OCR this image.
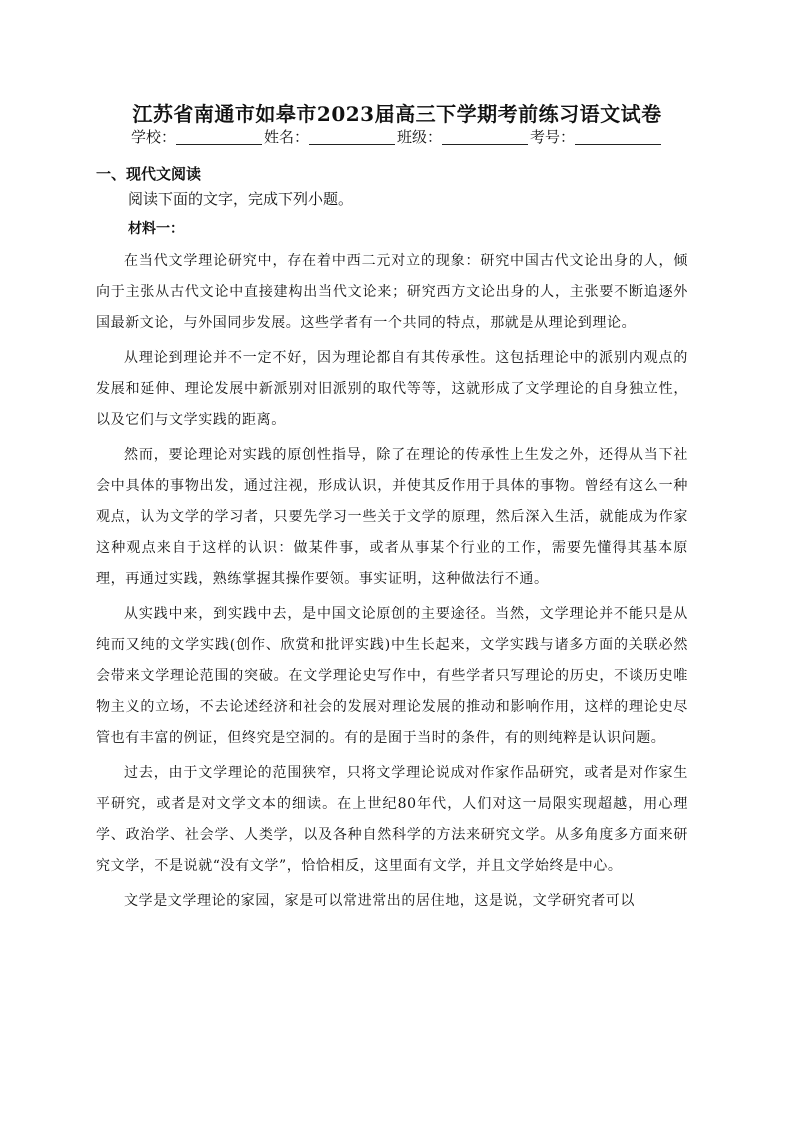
江苏省南通市如皋市2023届高三下学期考前练习语文试卷
学校：	姓名：	班级：	考号：
一、现代文阅读
阅读下面的文字，完成下列小题。
材料一：

在当代文学理论研究中，存在着中西二元对立的现象：研究中国古代文论出身的人，倾向于主张从古代文论中直接建构出当代文论来；研究西方文论出身的人，主张要不断追逐外国最新文论，与外国同步发展。这些学者有一个共同的特点，那就是从理论到理论。

从理论到理论并不一定不好，因为理论都自有其传承性。这包括理论中的派别内观点的发展和延伸、理论发展中新派别对旧派别的取代等等，这就形成了文学理论的自身独立性，以及它们与文学实践的距离。

然而，要论理论对实践的原创性指导，除了在理论的传承性上生发之外，还得从当下社会中具体的事物出发，通过注视，形成认识，并使其反作用于具体的事物。曾经有这么一种观点，认为文学的学习者，只要先学习一些关于文学的原理，然后深入生活，就能成为作家这种观点来自于这样的认识：做某件事，或者从事某个行业的工作，需要先懂得其基本原理，再通过实践，熟练掌握其操作要领。事实证明，这种做法行不通。

从实践中来，到实践中去，是中国文论原创的主要途径。当然，文学理论并不能只是从纯而又纯的文学实践(创作、欣赏和批评实践)中生长起来，文学实践与诸多方面的关联必然会带来文学理论范围的突破。在文学理论史写作中，有些学者只写理论的历史，不谈历史唯物主义的立场，不去论述经济和社会的发展对理论发展的推动和影响作用，这样的理论史尽管也有丰富的例证，但终究是空洞的。有的是囿于当时的条件，有的则纯粹是认识问题。

过去，由于文学理论的范围狭窄，只将文学理论说成对作家作品研究，或者是对作家生平研究，或者是对文学文本的细读。在上世纪80年代，人们对这一局限实现超越，用心理学、政治学、社会学、人类学，以及各种自然科学的方法来研究文学。从多角度多方面来研究文学，不是说就“没有文学”，恰恰相反，这里面有文学，并且文学始终是中心。

文学是文学理论的家园，家是可以常进常出的居住地，这是说，文学研究者可以
